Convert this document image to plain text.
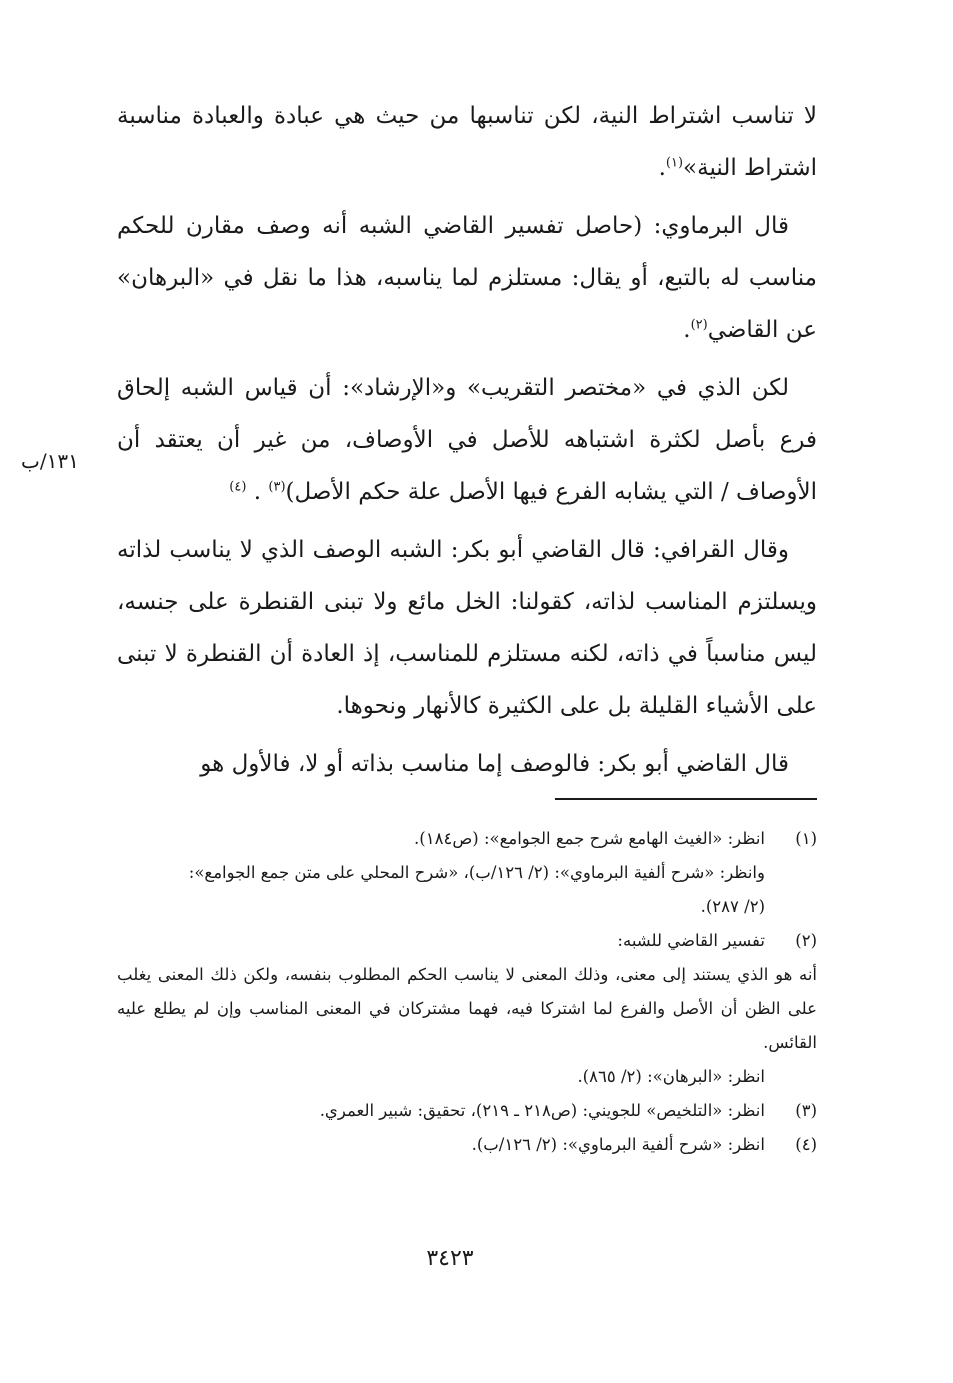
لا تناسب اشتراط النية، لكن تناسبها من حيث هي عبادة والعبادة مناسبة اشتراط النية»$^{(١)}$.

قال البرماوي: (حاصل تفسير القاضي الشبه أنه وصف مقارن للحكم مناسب له بالتبع، أو يقال: مستلزم لما يناسبه، هذا ما نقل في «البرهان» عن القاضي$^{(٢)}$.

لكن الذي في «مختصر التقريب» و«الإرشاد»: أن قياس الشبه إلحاق فرع بأصل لكثرة اشتباهه للأصل في الأوصاف، من غير أن يعتقد أن الأوصاف / التي يشابه الفرع فيها الأصل علة حكم الأصل)$^{(٣)}$ . $^{(٤)}$

وقال القرافي: قال القاضي أبو بكر: الشبه الوصف الذي لا يناسب لذاته ويسلتزم المناسب لذاته، كقولنا: الخل مائع ولا تبنى القنطرة على جنسه، ليس مناسباً في ذاته، لكنه مستلزم للمناسب، إذ العادة أن القنطرة لا تبنى على الأشياء القليلة بل على الكثيرة كالأنهار ونحوها.

قال القاضي أبو بكر: فالوصف إما مناسب بذاته أو لا، فالأول هو

١٣١/ب
(١)
انظر: «الغيث الهامع شرح جمع الجوامع»: (ص١٨٤).
وانظر: «شرح ألفية البرماوي»: (٢/ ١٢٦/ب)، «شرح المحلي على متن جمع الجوامع»:
(٢/ ٢٨٧).
(٢)
تفسير القاضي للشبه:
أنه هو الذي يستند إلى معنى، وذلك المعنى لا يناسب الحكم المطلوب بنفسه، ولكن ذلك المعنى يغلب على الظن أن الأصل والفرع لما اشتركا فيه، فهما مشتركان في المعنى المناسب وإن لم يطلع عليه القائس.
انظر: «البرهان»: (٢/ ٨٦٥).
(٣)
انظر: «التلخيص» للجويني: (ص٢١٨ ـ ٢١٩)، تحقيق: شبير العمري.
(٤)
انظر: «شرح ألفية البرماوي»: (٢/ ١٢٦/ب).
٣٤٢٣
